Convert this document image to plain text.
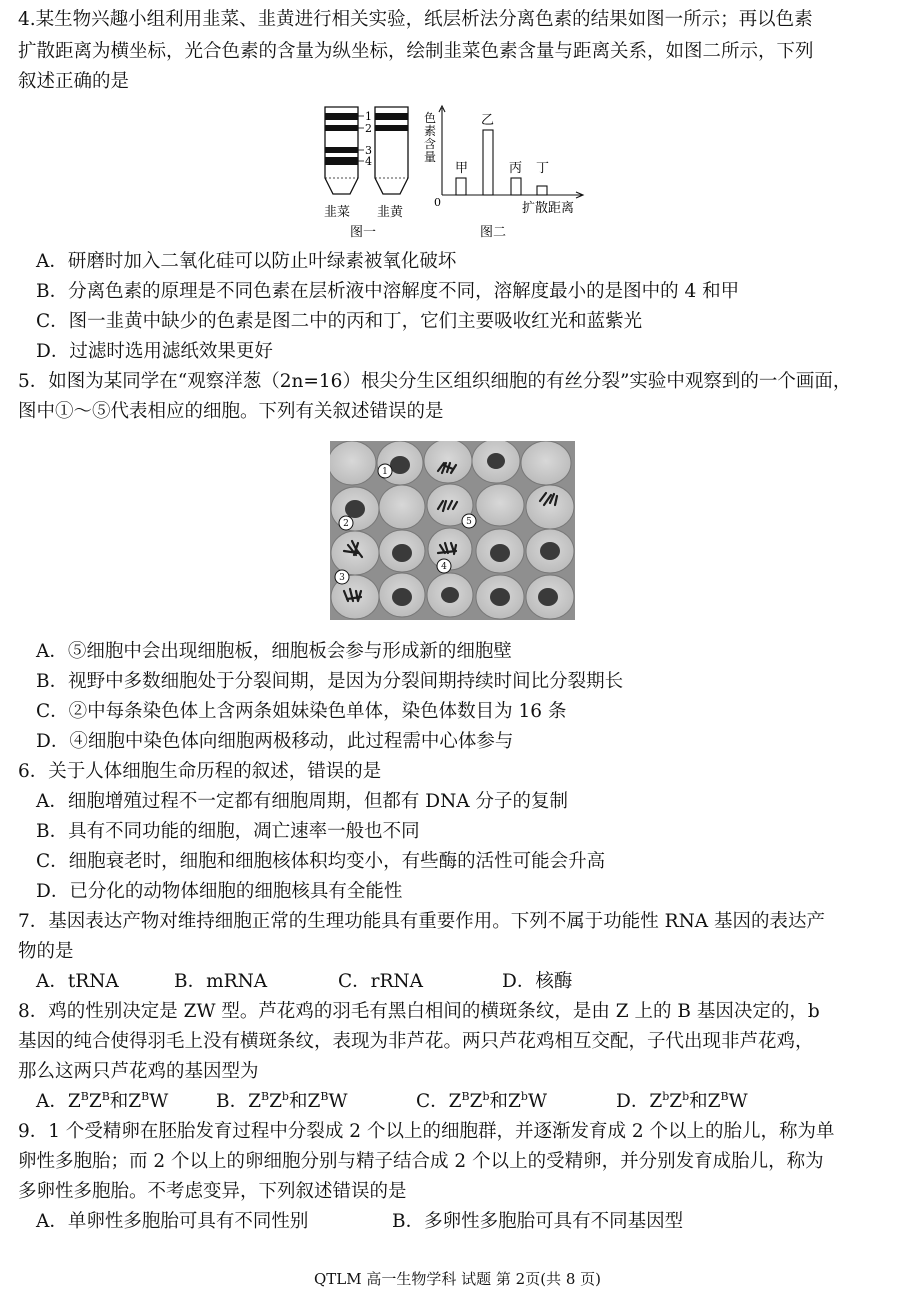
4.某生物兴趣小组利用韭菜、韭黄进行相关实验，纸层析法分离色素的结果如图一所示；再以色素
扩散距离为横坐标，光合色素的含量为纵坐标，绘制韭菜色素含量与距离关系，如图二所示，下列
叙述正确的是
1
2
3
4
韭菜 韭黄
图一
色
素
含
量
0
甲
乙
丙 丁
扩散距离
图二
A．研磨时加入二氧化硅可以防止叶绿素被氧化破坏
B．分离色素的原理是不同色素在层析液中溶解度不同，溶解度最小的是图中的 4 和甲
C．图一韭黄中缺少的色素是图二中的丙和丁，它们主要吸收红光和蓝紫光
D．过滤时选用滤纸效果更好
5．如图为某同学在“观察洋葱（2n=16）根尖分生区组织细胞的有丝分裂”实验中观察到的一个画面，
图中①～⑤代表相应的细胞。下列有关叙述错误的是
1
2
3
4
5
A．⑤细胞中会出现细胞板，细胞板会参与形成新的细胞壁
B．视野中多数细胞处于分裂间期，是因为分裂间期持续时间比分裂期长
C．②中每条染色体上含两条姐妹染色单体，染色体数目为 16 条
D．④细胞中染色体向细胞两极移动，此过程需中心体参与
6．关于人体细胞生命历程的叙述，错误的是
A．细胞增殖过程不一定都有细胞周期，但都有 DNA 分子的复制
B．具有不同功能的细胞，凋亡速率一般也不同
C．细胞衰老时，细胞和细胞核体积均变小，有些酶的活性可能会升高
D．已分化的动物体细胞的细胞核具有全能性
7．基因表达产物对维持细胞正常的生理功能具有重要作用。下列不属于功能性 RNA 基因的表达产
物的是
A．tRNA	B．mRNA	C．rRNA	D．核酶
8．鸡的性别决定是 ZW 型。芦花鸡的羽毛有黑白相间的横斑条纹，是由 Z 上的 B 基因决定的，b
基因的纯合使得羽毛上没有横斑条纹，表现为非芦花。两只芦花鸡相互交配，子代出现非芦花鸡，
那么这两只芦花鸡的基因型为
A．$Z^BZ^B$和$Z^BW$	B．$Z^BZ^b$和$Z^BW$	C．$Z^BZ^b$和$Z^bW$	D．$Z^bZ^b$和$Z^BW$
9．1 个受精卵在胚胎发育过程中分裂成 2 个以上的细胞群，并逐渐发育成 2 个以上的胎儿，称为单
卵性多胞胎；而 2 个以上的卵细胞分别与精子结合成 2 个以上的受精卵，并分别发育成胎儿，称为
多卵性多胞胎。不考虑变异，下列叙述错误的是
A．单卵性多胞胎可具有不同性别	B．多卵性多胞胎可具有不同基因型
QTLM 高一生物学科 试题 第 2页(共 8 页)
